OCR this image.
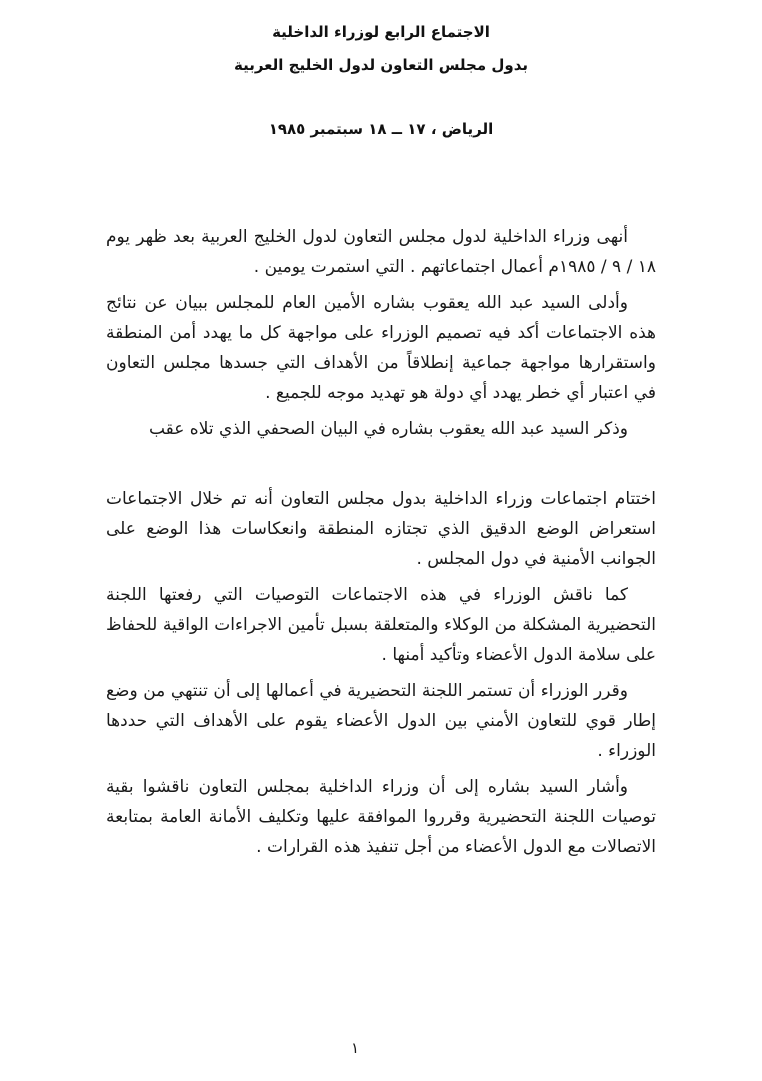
الاجتماع الرابع لوزراء الداخلية
بدول مجلس التعاون لدول الخليج العربية
الرياض ، ١٧ ــ ١٨ سبتمبر ١٩٨٥

أنهى وزراء الداخلية لدول مجلس التعاون لدول الخليج العربية بعد ظهر يوم ١٨ / ٩ / ١٩٨٥م أعمال اجتماعاتهم . التي استمرت يومين .

وأدلى السيد عبد الله يعقوب بشاره الأمين العام للمجلس ببيان عن نتائج هذه الاجتماعات أكد فيه تصميم الوزراء على مواجهة كل ما يهدد أمن المنطقة واستقرارها مواجهة جماعية إنطلاقاً من الأهداف التي جسدها مجلس التعاون في اعتبار أي خطر يهدد أي دولة هو تهديد موجه للجميع .

وذكر السيد عبد الله يعقوب بشاره في البيان الصحفي الذي تلاه عقب

اختتام اجتماعات وزراء الداخلية بدول مجلس التعاون أنه تم خلال الاجتماعات استعراض الوضع الدقيق الذي تجتازه المنطقة وانعكاسات هذا الوضع على الجوانب الأمنية في دول المجلس .

كما ناقش الوزراء في هذه الاجتماعات التوصيات التي رفعتها اللجنة التحضيرية المشكلة من الوكلاء والمتعلقة بسبل تأمين الاجراءات الواقية للحفاظ على سلامة الدول الأعضاء وتأكيد أمنها .

وقرر الوزراء أن تستمر اللجنة التحضيرية في أعمالها إلى أن تنتهي من وضع إطار قوي للتعاون الأمني بين الدول الأعضاء يقوم على الأهداف التي حددها الوزراء .

وأشار السيد بشاره إلى أن وزراء الداخلية بمجلس التعاون ناقشوا بقية توصيات اللجنة التحضيرية وقرروا الموافقة عليها وتكليف الأمانة العامة بمتابعة الاتصالات مع الدول الأعضاء من أجل تنفيذ هذه القرارات .

١
